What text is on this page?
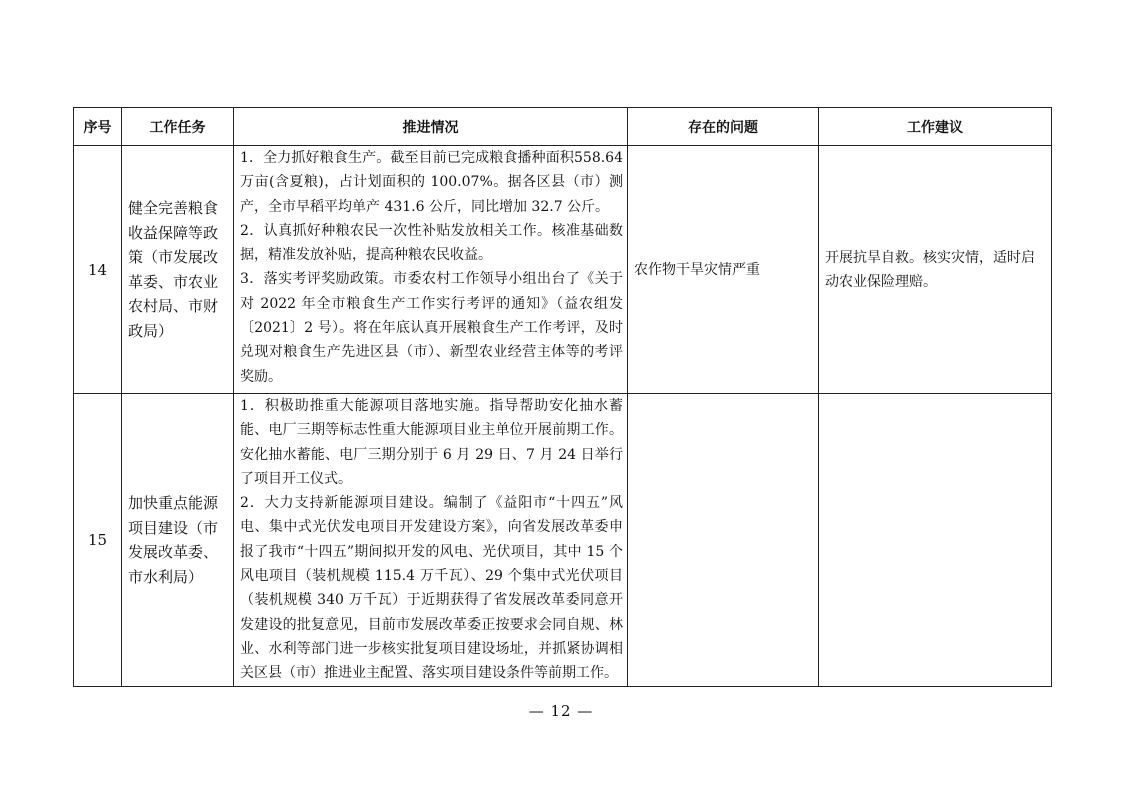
序号	工作任务	推进情况	存在的问题	工作建议
14	健全完善粮食收益保障等政策（市发展改革委、市农业农村局、市财政局）	1．全力抓好粮食生产。截至目前已完成粮食播种面积558.64 万亩(含夏粮)，占计划面积的 100.07%。据各区县（市）测产，全市早稻平均单产 431.6 公斤，同比增加 32.7 公斤。
2．认真抓好种粮农民一次性补贴发放相关工作。核准基础数据，精准发放补贴，提高种粮农民收益。
3．落实考评奖励政策。市委农村工作领导小组出台了《关于对 2022 年全市粮食生产工作实行考评的通知》（益农组发〔2021〕2 号）。将在年底认真开展粮食生产工作考评，及时兑现对粮食生产先进区县（市）、新型农业经营主体等的考评奖励。	农作物干旱灾情严重	开展抗旱自救。核实灾情，适时启动农业保险理赔。
15	加快重点能源项目建设（市发展改革委、市水利局）	1．积极助推重大能源项目落地实施。指导帮助安化抽水蓄能、电厂三期等标志性重大能源项目业主单位开展前期工作。安化抽水蓄能、电厂三期分别于 6 月 29 日、7 月 24 日举行了项目开工仪式。
2．大力支持新能源项目建设。编制了《益阳市“十四五”风电、集中式光伏发电项目开发建设方案》，向省发展改革委申报了我市“十四五”期间拟开发的风电、光伏项目，其中 15 个风电项目（装机规模 115.4 万千瓦）、29 个集中式光伏项目（装机规模 340 万千瓦）于近期获得了省发展改革委同意开发建设的批复意见，目前市发展改革委正按要求会同自规、林业、水利等部门进一步核实批复项目建设场址，并抓紧协调相关区县（市）推进业主配置、落实项目建设条件等前期工作。		

— 12 —
